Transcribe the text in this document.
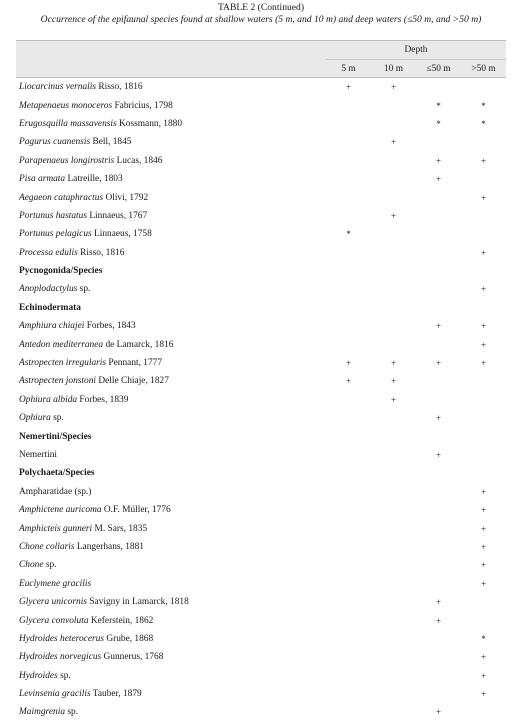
TABLE 2 (Continued)
Occurrence of the epifaunal species found at shallow waters (5 m, and 10 m) and deep waters (≤50 m, and >50 m)
	Depth			
	5 m	10 m	≤50 m	>50 m
Liocarcinus vernalis Risso, 1816	+	+		
Metapenaeus monoceros Fabricius, 1798			*	*
Erugosquilla massavensis Kossmann, 1880			*	*
Pagurus cuanensis Bell, 1845		+		
Parapenaeus longirostris Lucas, 1846			+	+
Pisa armata Latreille, 1803			+	
Aegaeon cataphractus Olivi, 1792				+
Portunus hastatus Linnaeus, 1767		+		
Portunus pelagicus Linnaeus, 1758	*			
Processa edulis Risso, 1816				+
Pycnogonida/Species				
Anoplodactylus sp.				+
Echinodermata				
Amphiura chiajei Forbes, 1843			+	+
Antedon mediterranea de Lamarck, 1816				+
Astropecten irregularis Pennant, 1777	+	+	+	+
Astropecten jonstoni Delle Chiaje, 1827	+	+		
Ophiura albida Forbes, 1839		+		
Ophiura sp.			+	
Nemertini/Species				
Nemertini			+	
Polychaeta/Species				
Ampharatidae (sp.)				+
Amphictene auricoma O.F. Müller, 1776				+
Amphicteis gunneri M. Sars, 1835				+
Chone collaris Langerhans, 1881				+
Chone sp.				+
Euclymene gracilis				+
Glycera unicornis Savigny in Lamarck, 1818			+	
Glycera convoluta Keferstein, 1862			+	
Hydroides heterocerus Grube, 1868				*
Hydroides norvegicus Gunnerus, 1768				+
Hydroides sp.				+
Levinsenia gracilis Tauber, 1879				+
Maimgrenia sp.			+	
